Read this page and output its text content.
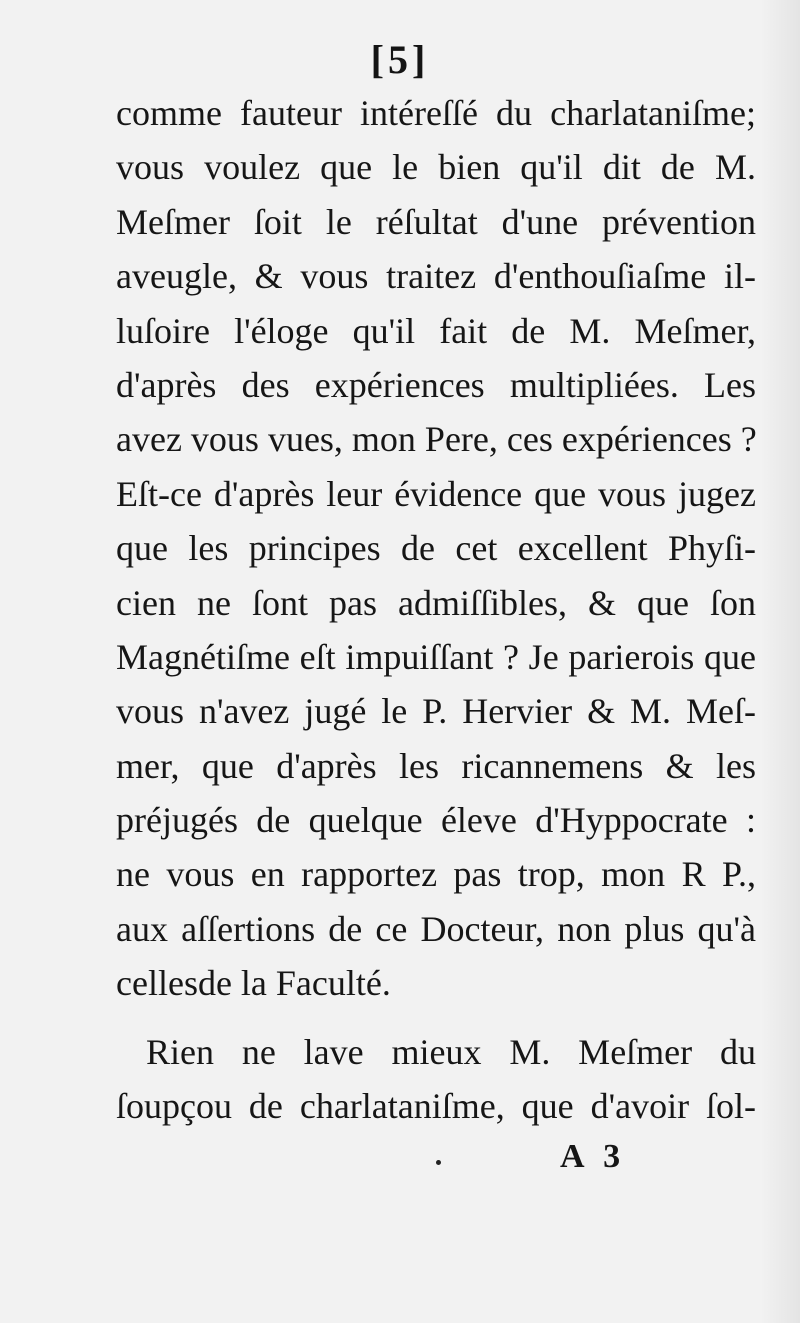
[5]
comme fauteur intéreſſé du charlataniſme;
vous voulez que le bien qu'il dit de M.
Meſmer ſoit le réſultat d'une prévention
aveugle, & vous traitez d'enthouſiaſme il-
luſoire l'éloge qu'il fait de M. Meſmer,
d'après des expériences multipliées. Les
avez vous vues, mon Pere, ces expériences ?
Eſt-ce d'après leur évidence que vous jugez
que les principes de cet excellent Phyſi-
cien ne ſont pas admiſſibles, & que ſon
Magnétiſme eſt impuiſſant ? Je parierois que
vous n'avez jugé le P. Hervier & M. Meſ-
mer, que d'après les ricannemens & les
préjugés de quelque éleve d'Hyppocrate :
ne vous en rapportez pas trop, mon R P.,
aux aſſertions de ce Docteur, non plus qu'à
cellesde la Faculté.
Rien ne lave mieux M. Meſmer du
ſoupçou de charlataniſme, que d'avoir ſol-
A 3
